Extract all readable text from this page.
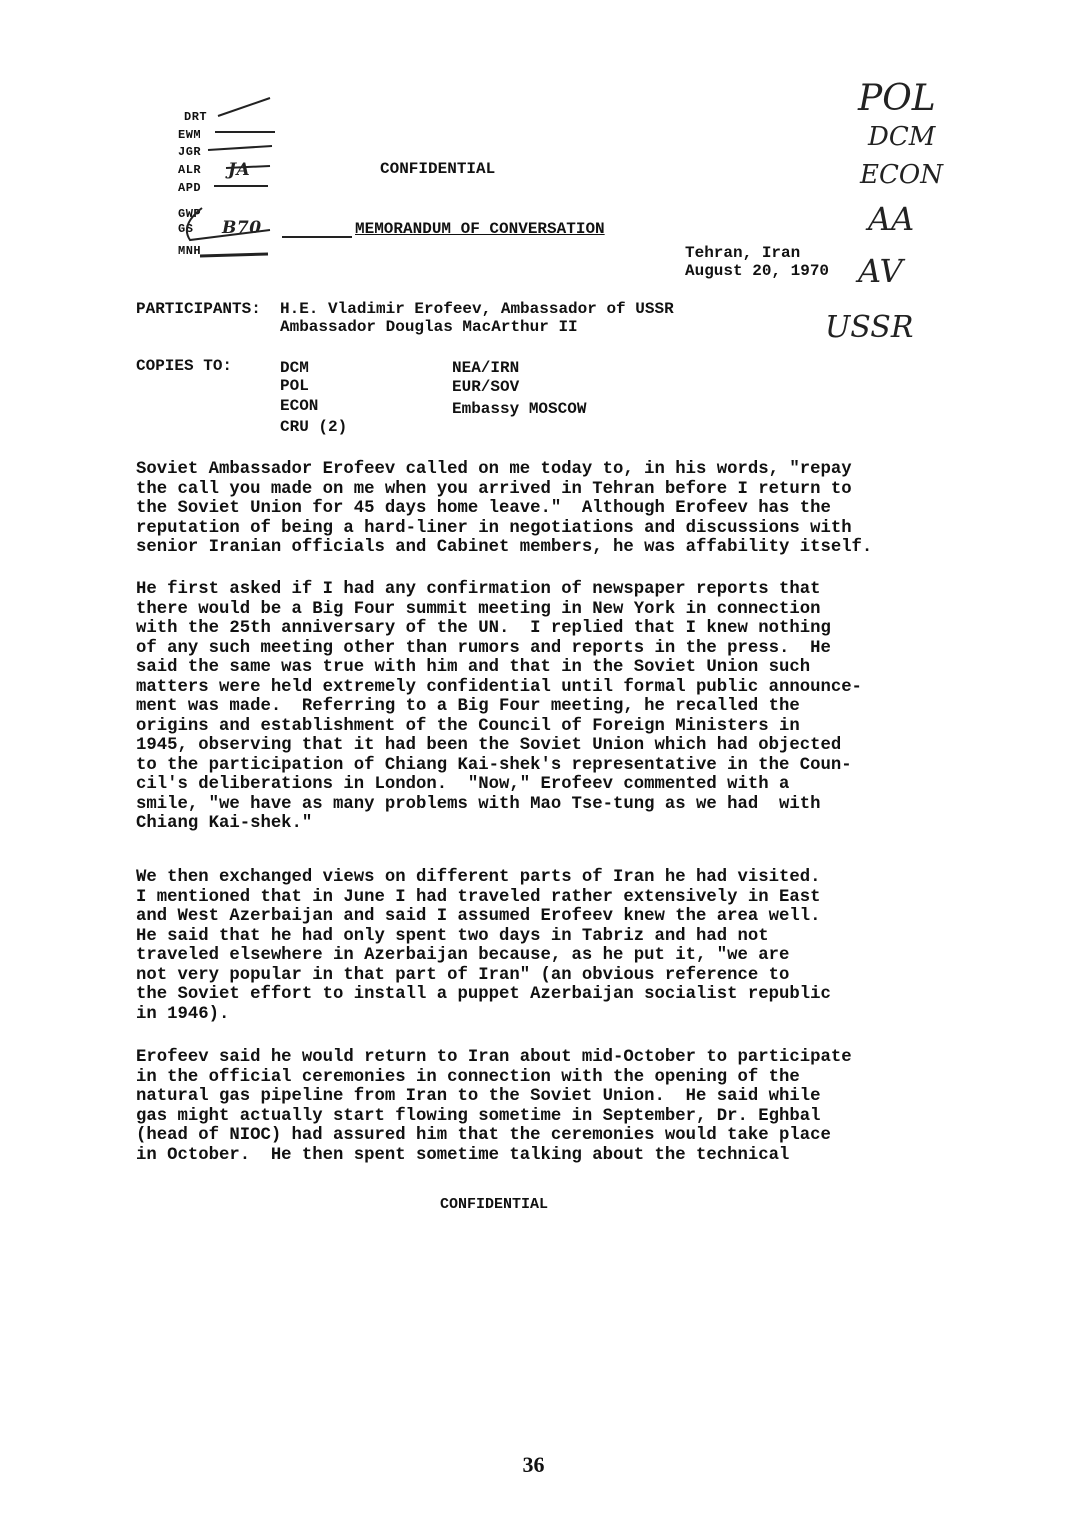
DRT
EWM
JGR
ALR
APD
GWP
GS
MNH
JA
B70
CONFIDENTIAL
MEMORANDUM OF CONVERSATION
Tehran, Iran
August 20, 1970
POL
DCM
ECON
AA
AV
USSR
PARTICIPANTS: H.E. Vladimir Erofeev, Ambassador of USSR
Ambassador Douglas MacArthur II
COPIES TO:	DCM
POL
ECON
CRU (2)
NEA/IRN
EUR/SOV
Embassy MOSCOW
Soviet Ambassador Erofeev called on me today to, in his words, "repay
the call you made on me when you arrived in Tehran before I return to
the Soviet Union for 45 days home leave."  Although Erofeev has the
reputation of being a hard-liner in negotiations and discussions with
senior Iranian officials and Cabinet members, he was affability itself.
He first asked if I had any confirmation of newspaper reports that
there would be a Big Four summit meeting in New York in connection
with the 25th anniversary of the UN.  I replied that I knew nothing
of any such meeting other than rumors and reports in the press.  He
said the same was true with him and that in the Soviet Union such
matters were held extremely confidential until formal public announce-
ment was made.  Referring to a Big Four meeting, he recalled the
origins and establishment of the Council of Foreign Ministers in
1945, observing that it had been the Soviet Union which had objected
to the participation of Chiang Kai-shek's representative in the Coun-
cil's deliberations in London.  "Now," Erofeev commented with a
smile, "we have as many problems with Mao Tse-tung as we had  with
Chiang Kai-shek."
We then exchanged views on different parts of Iran he had visited.
I mentioned that in June I had traveled rather extensively in East
and West Azerbaijan and said I assumed Erofeev knew the area well.
He said that he had only spent two days in Tabriz and had not
traveled elsewhere in Azerbaijan because, as he put it, "we are
not very popular in that part of Iran" (an obvious reference to
the Soviet effort to install a puppet Azerbaijan socialist republic
in 1946).
Erofeev said he would return to Iran about mid-October to participate
in the official ceremonies in connection with the opening of the
natural gas pipeline from Iran to the Soviet Union.  He said while
gas might actually start flowing sometime in September, Dr. Eghbal
(head of NIOC) had assured him that the ceremonies would take place
in October.  He then spent sometime talking about the technical
CONFIDENTIAL
36
